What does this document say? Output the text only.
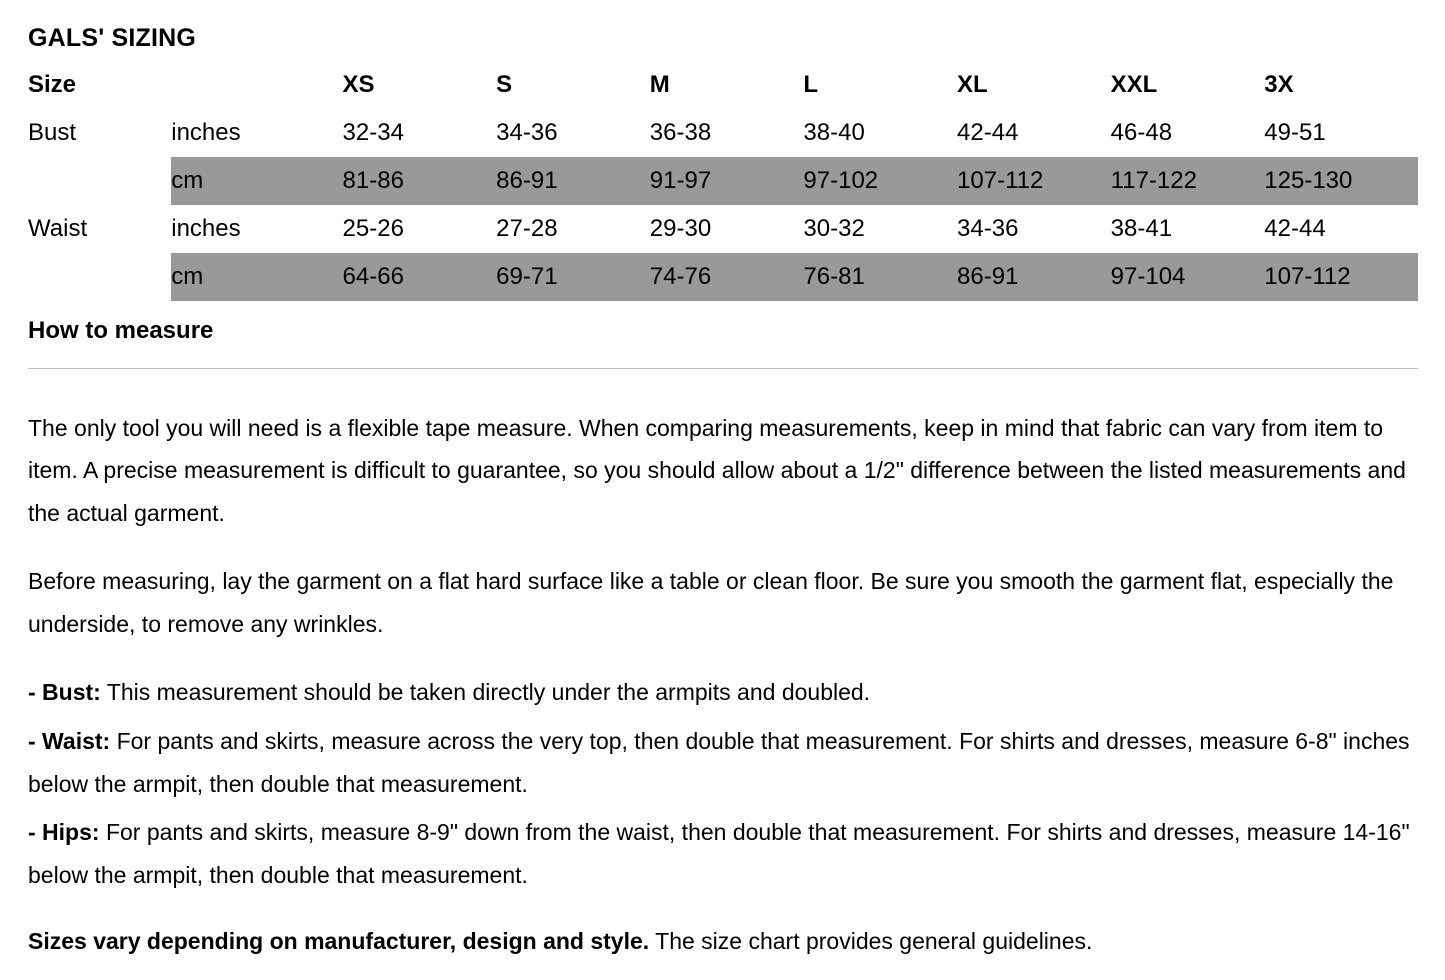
GALS' SIZING
Size		XS	S	M	L	XL	XXL	3X
Bust	inches	32-34	34-36	36-38	38-40	42-44	46-48	49-51
	cm	81-86	86-91	91-97	97-102	107-112	117-122	125-130
Waist	inches	25-26	27-28	29-30	30-32	34-36	38-41	42-44
	cm	64-66	69-71	74-76	76-81	86-91	97-104	107-112
How to measure

The only tool you will need is a flexible tape measure. When comparing measurements, keep in mind that fabric can vary from item to item. A precise measurement is difficult to guarantee, so you should allow about a 1/2" difference between the listed measurements and the actual garment.

Before measuring, lay the garment on a flat hard surface like a table or clean floor. Be sure you smooth the garment flat, especially the underside, to remove any wrinkles.

- Bust: This measurement should be taken directly under the armpits and doubled.

- Waist: For pants and skirts, measure across the very top, then double that measurement. For shirts and dresses, measure 6-8" inches below the armpit, then double that measurement.

- Hips: For pants and skirts, measure 8-9" down from the waist, then double that measurement. For shirts and dresses, measure 14-16" below the armpit, then double that measurement.

Sizes vary depending on manufacturer, design and style. The size chart provides general guidelines.
